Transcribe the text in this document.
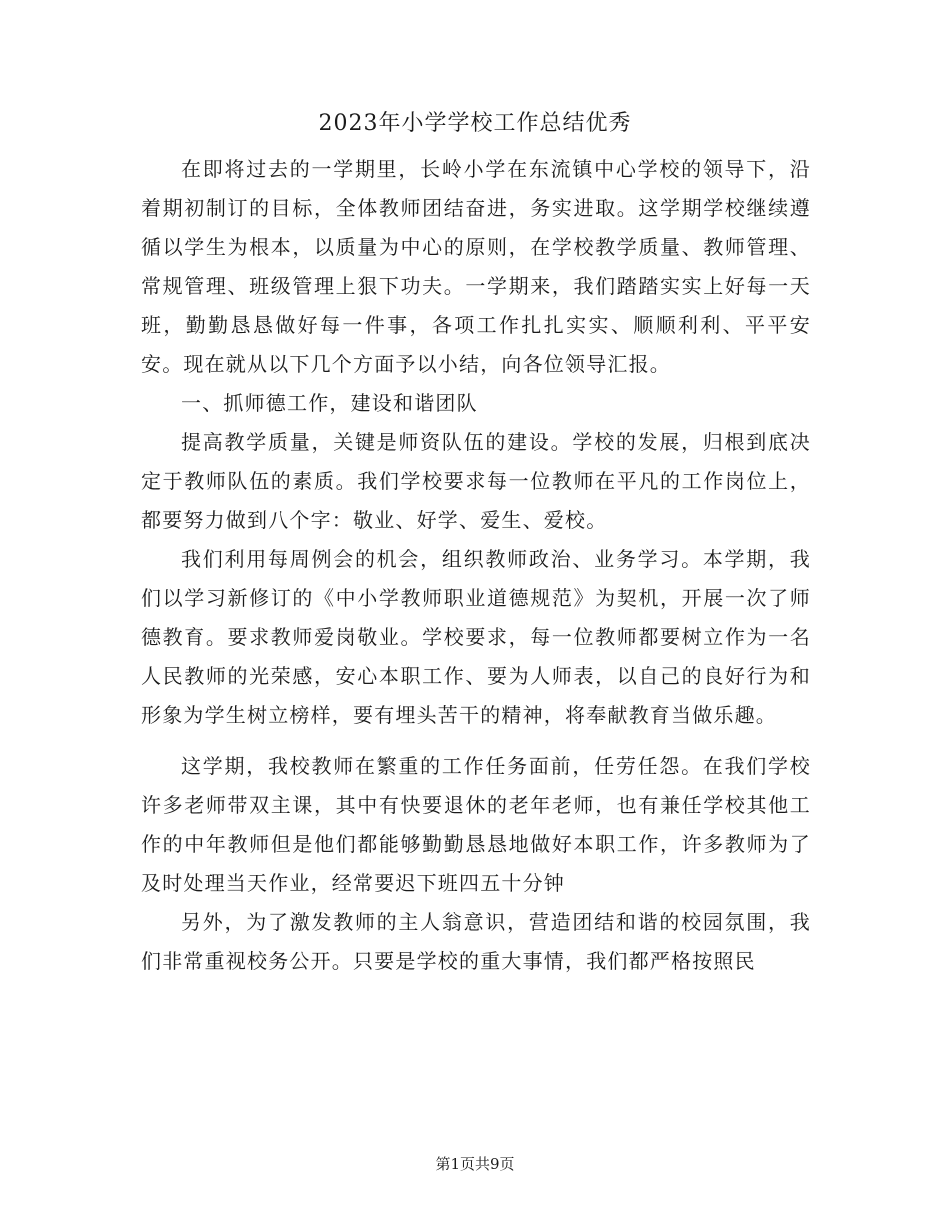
2023年小学学校工作总结优秀

在即将过去的一学期里，长岭小学在东流镇中心学校的领导下，沿着期初制订的目标，全体教师团结奋进，务实进取。这学期学校继续遵循以学生为根本，以质量为中心的原则，在学校教学质量、教师管理、常规管理、班级管理上狠下功夫。一学期来，我们踏踏实实上好每一天班，勤勤恳恳做好每一件事，各项工作扎扎实实、顺顺利利、平平安安。现在就从以下几个方面予以小结，向各位领导汇报。

一、抓师德工作，建设和谐团队

提高教学质量，关键是师资队伍的建设。学校的发展，归根到底决定于教师队伍的素质。我们学校要求每一位教师在平凡的工作岗位上，都要努力做到八个字：敬业、好学、爱生、爱校。

我们利用每周例会的机会，组织教师政治、业务学习。本学期，我们以学习新修订的《中小学教师职业道德规范》为契机，开展一次了师德教育。要求教师爱岗敬业。学校要求，每一位教师都要树立作为一名人民教师的光荣感，安心本职工作、要为人师表，以自己的良好行为和形象为学生树立榜样，要有埋头苦干的精神，将奉献教育当做乐趣。

这学期，我校教师在繁重的工作任务面前，任劳任怨。在我们学校许多老师带双主课，其中有快要退休的老年老师，也有兼任学校其他工作的中年教师但是他们都能够勤勤恳恳地做好本职工作，许多教师为了及时处理当天作业，经常要迟下班四五十分钟

另外，为了激发教师的主人翁意识，营造团结和谐的校园氛围，我们非常重视校务公开。只要是学校的重大事情，我们都严格按照民

第1页共9页
